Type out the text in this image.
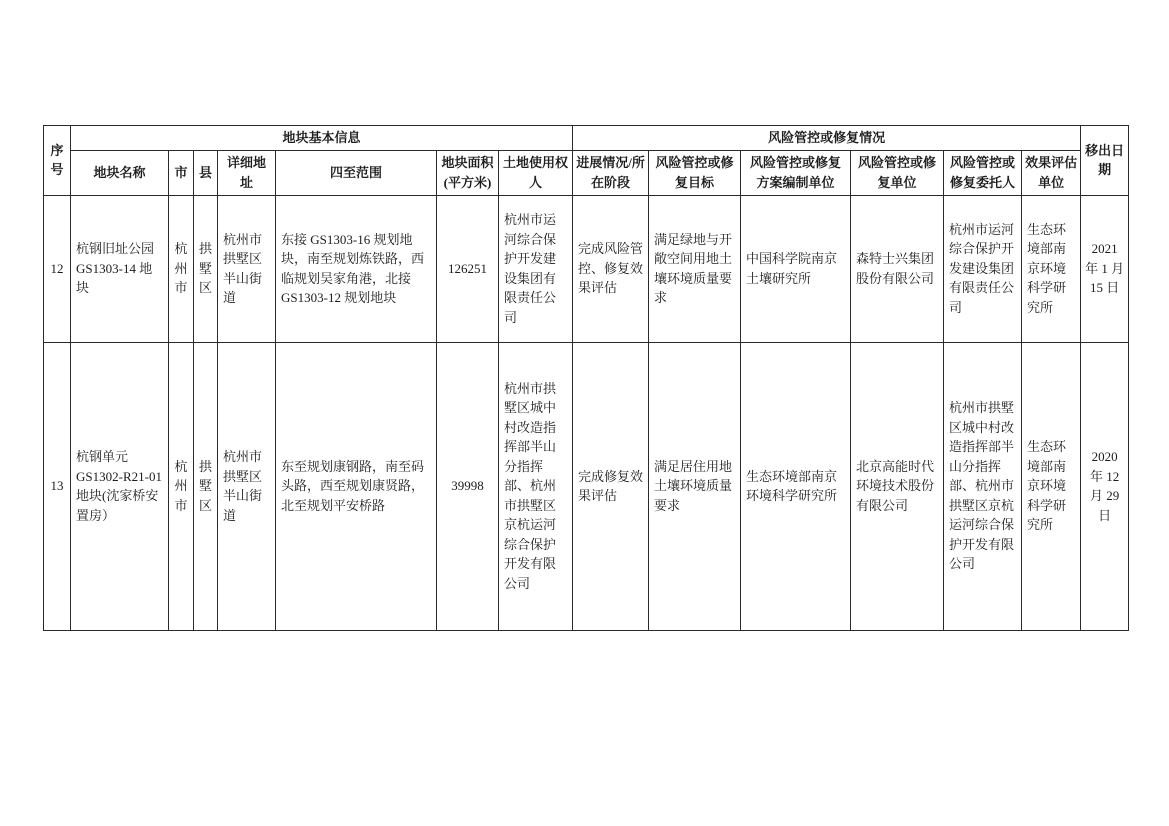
序号	地块基本信息							风险管控或修复情况						移出日期
	地块名称	市	县	详细地址	四至范围	地块面积(平方米)	土地使用权人	进展情况/所在阶段	风险管控或修复目标	风险管控或修复方案编制单位	风险管控或修复单位	风险管控或修复委托人	效果评估单位	
12	杭钢旧址公园 GS1303-14 地块	杭州市	拱墅区	杭州市拱墅区半山街道	东接 GS1303-16 规划地块，南至规划炼铁路，西临规划吴家角港，北接 GS1303-12 规划地块	126251	杭州市运河综合保护开发建设集团有限责任公司	完成风险管控、修复效果评估	满足绿地与开敞空间用地土壤环境质量要求	中国科学院南京土壤研究所	森特士兴集团股份有限公司	杭州市运河综合保护开发建设集团有限责任公司	生态环境部南京环境科学研究所	2021 年 1 月 15 日
13	杭钢单元 GS1302-R21-01 地块(沈家桥安置房）	杭州市	拱墅区	杭州市拱墅区半山街道	东至规划康钢路，南至码头路，西至规划康贤路，北至规划平安桥路	39998	杭州市拱墅区城中村改造指挥部半山分指挥部、杭州市拱墅区京杭运河综合保护开发有限公司	完成修复效果评估	满足居住用地土壤环境质量要求	生态环境部南京环境科学研究所	北京高能时代环境技术股份有限公司	杭州市拱墅区城中村改造指挥部半山分指挥部、杭州市拱墅区京杭运河综合保护开发有限公司	生态环境部南京环境科学研究所	2020 年 12 月 29 日
